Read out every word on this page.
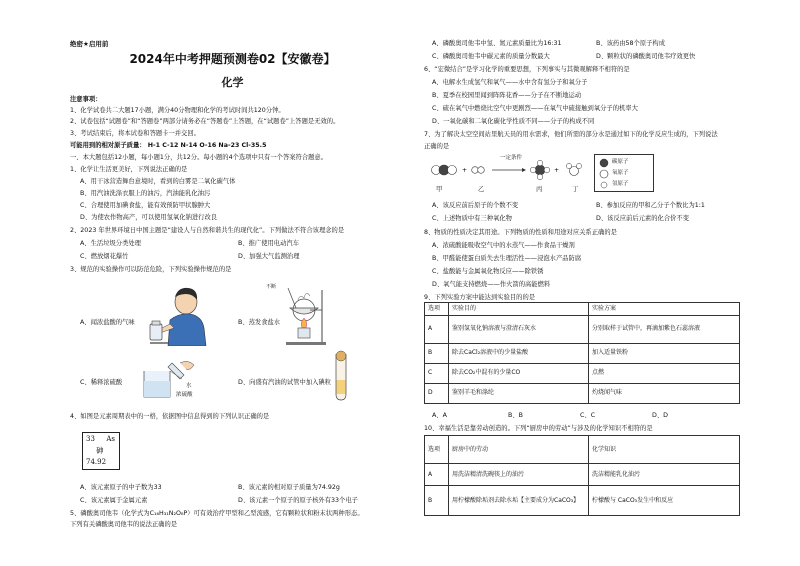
绝密★启用前
2024年中考押题预测卷02【安徽卷】
化学
注意事项：
1、化学试卷共二大题17小题，满分40分物理和化学的考试时间共120分钟。
2、试卷包括“试题卷”和“答题卷”两部分请务必在“答题卷”上答题，在“试题卷”上答题是无效的。
3、考试结束后，将本试卷和答题卡一并交回。
可能用到的相对原子质量： H-1 C-12 N-14 O-16 Na-23 Cl-35.5
一、本大题包括12小题，每小题1分，共12分。每小题的4个选项中只有一个答案符合题意。
1、化学让生活更美好，下列说法正确的是
A、用干冰营造舞台意境时，看到的白雾是二氧化碳气体
B、用汽油洗涤衣服上的油污，汽油能乳化油污
C、合理使用加碘食盐，能有效预防甲状腺肿大
D、为使农作物高产，可以使用氢氧化钠进行改良
2、2023 年世界环境日中国主题是“建设人与自然和谐共生的现代化”。下列做法不符合该理念的是
A、生活垃圾分类处理	B、推广使用电动汽车
C、燃放烟花爆竹	D、加强大气监测治理
3、规范的实验操作可以防范危险，下列实验操作规范的是
A、闻浓盐酸的气味
不断
B、蒸发食盐水
水
浓硫酸
C、稀释浓硫酸	D、向盛有汽油的试管中加入碘粒
4、如图是元素周期表中的一格，依据图中信息得到的下列认识正确的是
33 As
砷
74.92
A、该元素原子的中子数为33	B、该元素的相对原子质量为74.92g
C、该元素属于金属元素	D、该元素一个原子的原子核外有33个电子
5、磷酸奥司他韦（化学式为C₁₆H₃₁N₂O₈P）可有效治疗甲型和乙型流感，它有颗粒状和粉末状两种形态。
下列有关磷酸奥司他韦的说法正确的是
A、磷酸奥司他韦中氢、氮元素质量比为16:31	B、该药由58个原子构成
C、磷酸奥司他韦中碳元素的质量分数最大	D、颗粒状的磷酸奥司他韦疗效更快
6、“宏微结合”是学习化学的重要思想，下列事实与其微观解释不相符的是
A、电解水生成氢气和氧气——水中含有氢分子和氧分子
B、夏季在校园里闻到阵阵花香——分子在不断地运动
C、硫在氧气中燃烧比空气中更剧烈——在氧气中硫接触到氧分子的机率大
D、一氧化碳和二氧化碳化学性质不同——分子的构成不同
7、为了解决太空空间站里航天员的用水需求，他们所需的部分水是通过如下的化学反应生成的，下列说法
正确的是
+	+
一定条件
甲	乙	丙	丁
碳原子
氧原子
氢原子
A、该反应前后原子的个数不变	B、参加反应的甲和乙分子个数比为1:1
C、上述物质中有三种氧化物	D、该反应前后元素的化合价不变
8、物质的性质决定其用途。下列物质的性质和用途对应关系正确的是
A、浓硫酸能吸收空气中的水蒸气——作食品干燥剂
B、甲醛能使蛋白质失去生理活性——浸泡水产品防腐
C、盐酸能与金属氧化物反应——除铁锈
D、氧气能支持燃烧——作火箭的高能燃料
9、下列实验方案中能达到实验目的的是
选项	实验目的	实验方案
A	鉴别氢氧化钠溶液与澄清石灰水	分别取样于试管中，再滴加紫色石蕊溶液
B	除去CaCl₂溶液中的少量盐酸	加入适量铁粉
C	除去CO₂中混有的少量CO	点燃
D	鉴别羊毛和涤纶	灼烧闻气味
A、A	B、B	C、C	D、D
10、幸福生活是靠劳动创造的。下列“厨房中的劳动”与涉及的化学知识不相符的是
选项	厨房中的劳动	化学知识
A	用洗洁精清洗碗筷上的油污	洗洁精能乳化油污
B	用柠檬酸除垢剂去除水垢【主要成分为CaCO₃】	柠檬酸与 CaCO₃发生中和反应
